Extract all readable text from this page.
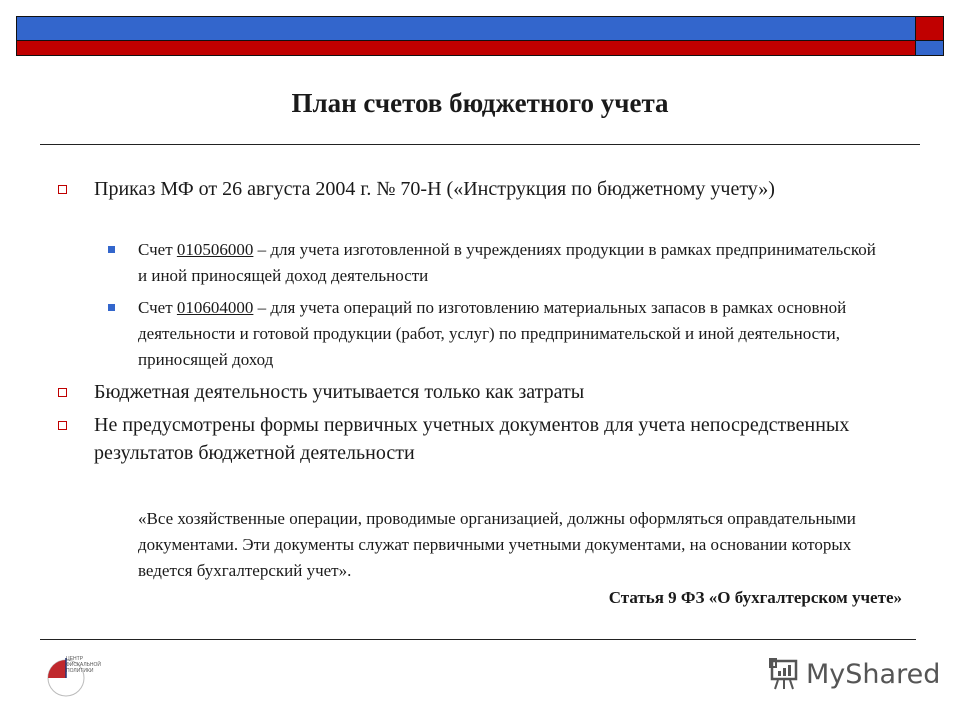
План счетов бюджетного учета
Приказ МФ от 26 августа 2004 г. № 70-Н («Инструкция по бюджетному учету»)
Счет 010506000 – для учета изготовленной в учреждениях продукции в рамках предпринимательской и иной приносящей доход деятельности
Счет 010604000 – для учета операций по изготовлению материальных запасов в рамках основной деятельности и готовой продукции (работ, услуг) по предпринимательской и иной деятельности, приносящей доход
Бюджетная деятельность учитывается только как затраты
Не предусмотрены формы первичных учетных документов для учета непосредственных результатов бюджетной деятельности
«Все хозяйственные операции, проводимые организацией, должны оформляться оправдательными документами. Эти документы служат первичными учетными документами, на основании которых ведется бухгалтерский учет».
Статья 9 ФЗ «О бухгалтерском учете»
ЦЕНТР
ФИСКАЛЬНОЙ
ПОЛИТИКИ	MyShared
